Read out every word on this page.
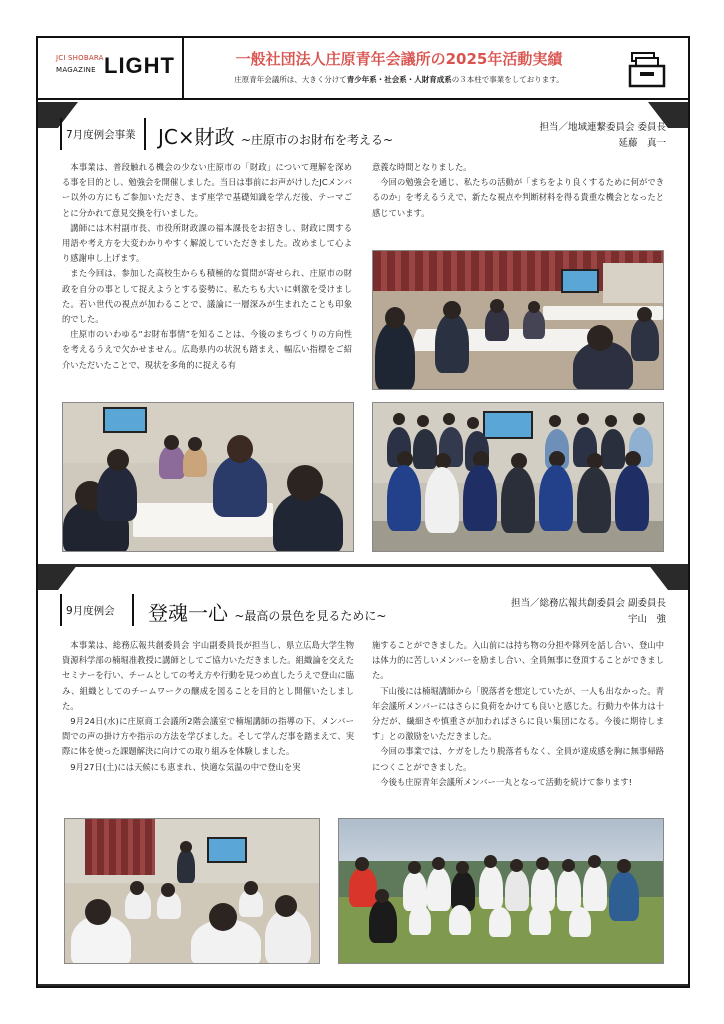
JCI SHOBARA
MAGAZINE LIGHT	一般社団法人庄原青年会議所の2025年活動実績
庄原青年会議所は、大きく分けて青少年系・社会系・人財育成系の３本柱で事業をしております。
7月度例会事業 JC×財政 ~庄原市のお財布を考える~
担当／地域連繋委員会 委員長
延藤　真一

本事業は、普段触れる機会の少ない庄原市の「財政」について理解を深める事を目的とし、勉強会を開催しました。当日は事前にお声がけしたJCメンバー以外の方にもご参加いただき、まず座学で基礎知識を学んだ後、テーマごとに分かれて意見交換を行いました。

講師には木村副市長、市役所財政課の福本課長をお招きし、財政に関する用語や考え方を大変わかりやすく解説していただきました。改めまして心より感謝申し上げます。

また今回は、参加した高校生からも積極的な質問が寄せられ、庄原市の財政を自分の事として捉えようとする姿勢に、私たちも大いに刺激を受けました。若い世代の視点が加わることで、議論に一層深みが生まれたことも印象的でした。

庄原市のいわゆる“お財布事情”を知ることは、今後のまちづくりの方向性を考えるうえで欠かせません。広島県内の状況も踏まえ、幅広い指標をご紹介いただいたことで、現状を多角的に捉える有

意義な時間となりました。

今回の勉強会を通じ、私たちの活動が「まちをより良くするために何ができるのか」を考えるうえで、新たな視点や判断材料を得る貴重な機会となったと感じています。

9月度例会 登魂一心 ~最高の景色を見るために~
担当／総務広報共創委員会 副委員長
宇山　強

本事業は、総務広報共創委員会 宇山副委員長が担当し、県立広島大学生物資源科学部の楠堀准教授に講師としてご協力いただきました。組織論を交えたセミナーを行い、チームとしての考え方や行動を見つめ直したうえで登山に臨み、組織としてのチームワークの醸成を図ることを目的とし開催いたしました。

9月24日(水)に庄原商工会議所2階会議室で楠堀講師の指導の下、メンバー間での声の掛け方や指示の方法を学びました。そして学んだ事を踏まえて、実際に体を使った課題解決に向けての取り組みを体験しました。

9月27日(土)には天候にも恵まれ、快適な気温の中で登山を実

施することができました。入山前には持ち物の分担や隊列を話し合い、登山中は体力的に苦しいメンバーを励まし合い、全員無事に登頂することができました。

下山後には楠堀講師から「脱落者を想定していたが、一人も出なかった。青年会議所メンバーにはさらに負荷をかけても良いと感じた。行動力や体力は十分だが、繊細さや慎重さが加わればさらに良い集団になる。今後に期待します」との激励をいただきました。

今回の事業では、ケガをしたり脱落者もなく、全員が達成感を胸に無事帰路につくことができました。

今後も庄原青年会議所メンバー一丸となって活動を続けて参ります!
